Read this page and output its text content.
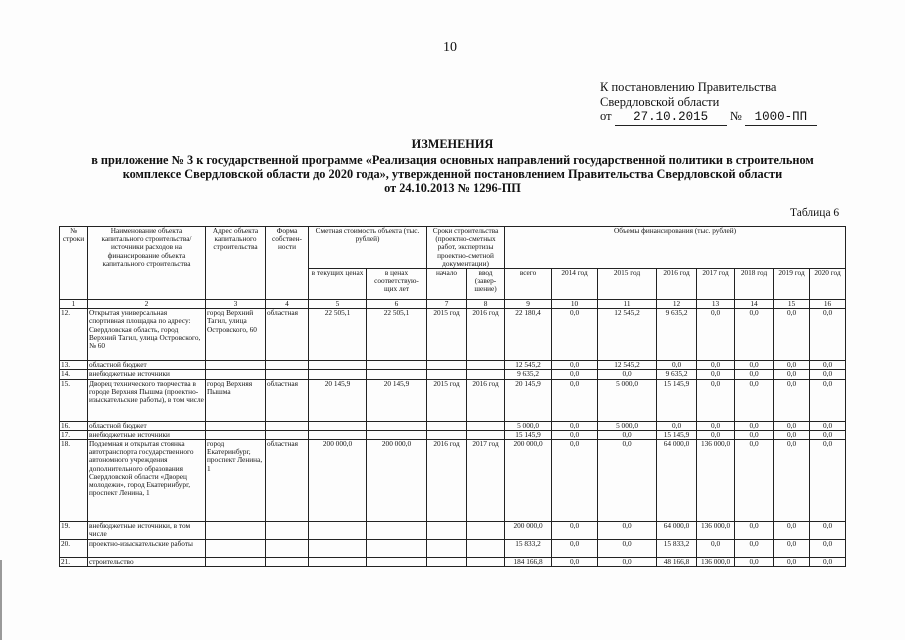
10
К постановлению Правительства
Свердловской области
от 27.10.2015 № 1000-ПП
ИЗМЕНЕНИЯ
в приложение № 3 к государственной программе «Реализация основных направлений государственной политики в строительном
комплексе Свердловской области до 2020 года», утвержденной постановлением Правительства Свердловской области
от 24.10.2013 № 1296-ПП
Таблица 6
№ строки	Наименование объекта капитального строительства/ источники расходов на финансирование объекта капитального строительства	Адрес объекта капитального строительства	Форма собствен-ности	Сметная стоимость объекта (тыс. рублей)		Сроки строительства (проектно-сметных работ, экспертизы проектно-сметной документации)		Объемы финансирования (тыс. рублей)							
				в текущих ценах	в ценах соответствую-щих лет	начало	ввод (завер-шение)	всего	2014 год	2015 год	2016 год	2017 год	2018 год	2019 год	2020 год
1	2	3	4	5	6	7	8	9	10	11	12	13	14	15	16
12.	Открытая универсальная спортивная площадка по адресу: Свердловская область, город Верхний Тагил, улица Островского, № 60	город Верхний Тагил, улица Островского, 60	областная	22 505,1	22 505,1	2015 год	2016 год	22 180,4	0,0	12 545,2	9 635,2	0,0	0,0	0,0	0,0
13.	областной бюджет							12 545,2	0,0	12 545,2	0,0	0,0	0,0	0,0	0,0
14.	внебюджетные источники							9 635,2	0,0	0,0	9 635,2	0,0	0,0	0,0	0,0
15.	Дворец технического творчества в городе Верхняя Пышма (проектно-изыскательские работы), в том числе	город Верхняя Пышма	областная	20 145,9	20 145,9	2015 год	2016 год	20 145,9	0,0	5 000,0	15 145,9	0,0	0,0	0,0	0,0
16.	областной бюджет							5 000,0	0,0	5 000,0	0,0	0,0	0,0	0,0	0,0
17.	внебюджетные источники							15 145,9	0,0	0,0	15 145,9	0,0	0,0	0,0	0,0
18.	Подземная и открытая стоянка автотранспорта государственного автономного учреждения дополнительного образования Свердловской области «Дворец молодежи», город Екатеринбург, проспект Ленина, 1	город Екатеринбург, проспект Ленина, 1	областная	200 000,0	200 000,0	2016 год	2017 год	200 000,0	0,0	0,0	64 000,0	136 000,0	0,0	0,0	0,0
19.	внебюджетные источники, в том числе							200 000,0	0,0	0,0	64 000,0	136 000,0	0,0	0,0	0,0
20.	проектно-изыскательские работы							15 833,2	0,0	0,0	15 833,2	0,0	0,0	0,0	0,0
21.	строительство							184 166,8	0,0	0,0	48 166,8	136 000,0	0,0	0,0	0,0
